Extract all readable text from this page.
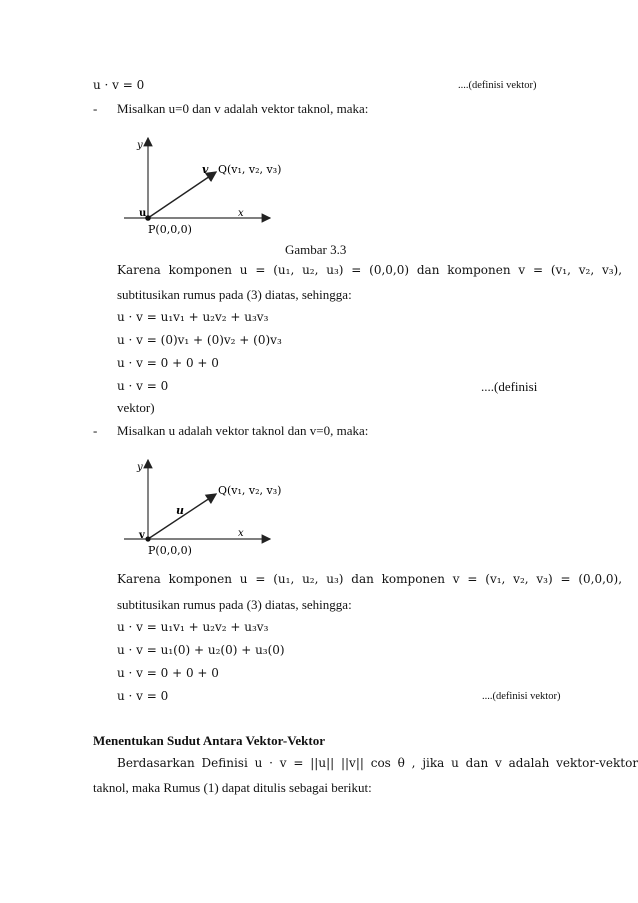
u · v = 0	....(definisi vektor)
- Misalkan u=0 dan v adalah vektor taknol, maka:
y
x
v
u
Q(v₁, v₂, v₃)
P(0,0,0)
Gambar 3.3
Karena komponen u = (u₁, u₂, u₃) = (0,0,0) dan komponen v = (v₁, v₂, v₃),
subtitusikan rumus pada (3) diatas, sehingga:
u · v = u₁v₁ + u₂v₂ + u₃v₃
u · v = (0)v₁ + (0)v₂ + (0)v₃
u · v = 0 + 0 + 0
u · v = 0	....(definisi
vektor)
- Misalkan u adalah vektor taknol dan v=0, maka:
y
x
u
v
Q(v₁, v₂, v₃)
P(0,0,0)
Karena komponen u = (u₁, u₂, u₃) dan komponen v = (v₁, v₂, v₃) = (0,0,0),
subtitusikan rumus pada (3) diatas, sehingga:
u · v = u₁v₁ + u₂v₂ + u₃v₃
u · v = u₁(0) + u₂(0) + u₃(0)
u · v = 0 + 0 + 0
u · v = 0	....(definisi vektor)
Menentukan Sudut Antara Vektor-Vektor
Berdasarkan Definisi u · v = ||u|| ||v|| cos θ , jika u dan v adalah vektor-vektor
taknol, maka Rumus (1) dapat ditulis sebagai berikut:
